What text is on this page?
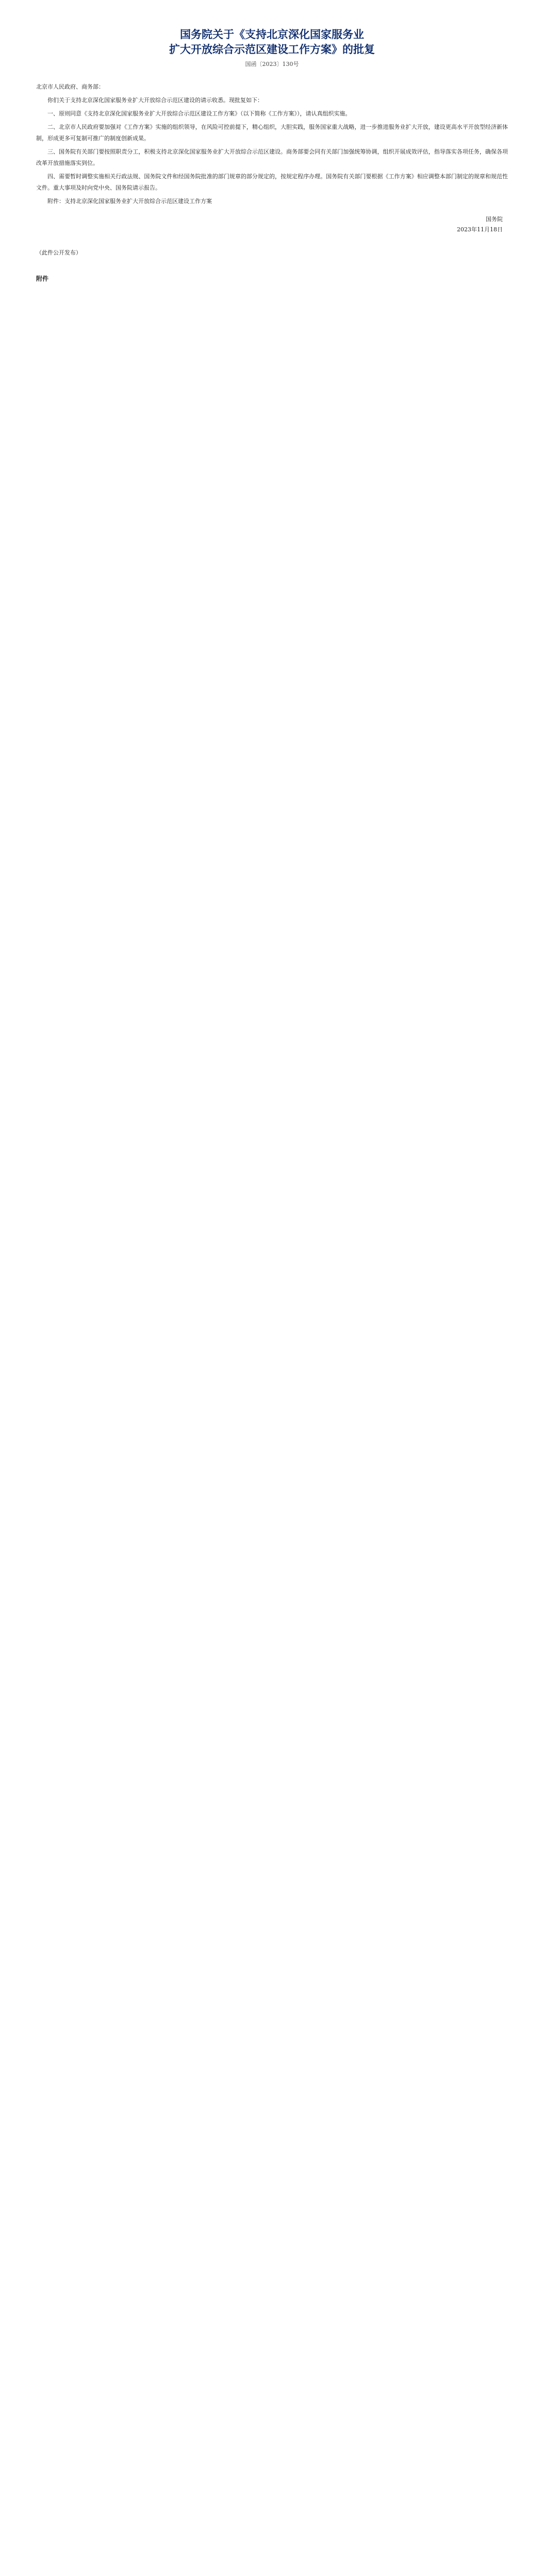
国务院关于《支持北京深化国家服务业
扩大开放综合示范区建设工作方案》的批复
国函〔2023〕130号

北京市人民政府、商务部：

你们关于支持北京深化国家服务业扩大开放综合示范区建设的请示收悉。现批复如下：

一、原则同意《支持北京深化国家服务业扩大开放综合示范区建设工作方案》（以下简称《工作方案》），请认真组织实施。

二、北京市人民政府要加强对《工作方案》实施的组织领导，在风险可控前提下，精心组织，大胆实践，服务国家重大战略，进一步推进服务业扩大开放，建设更高水平开放型经济新体制，形成更多可复制可推广的制度创新成果。

三、国务院有关部门要按照职责分工，积极支持北京深化国家服务业扩大开放综合示范区建设。商务部要会同有关部门加强统筹协调，组织开展成效评估，指导落实各项任务，确保各项改革开放措施落实到位。

四、需要暂时调整实施相关行政法规、国务院文件和经国务院批准的部门规章的部分规定的，按规定程序办理。国务院有关部门要根据《工作方案》相应调整本部门制定的规章和规范性文件。重大事项及时向党中央、国务院请示报告。

附件：支持北京深化国家服务业扩大开放综合示范区建设工作方案

国务院
2023年11月18日

（此件公开发布）

附件
